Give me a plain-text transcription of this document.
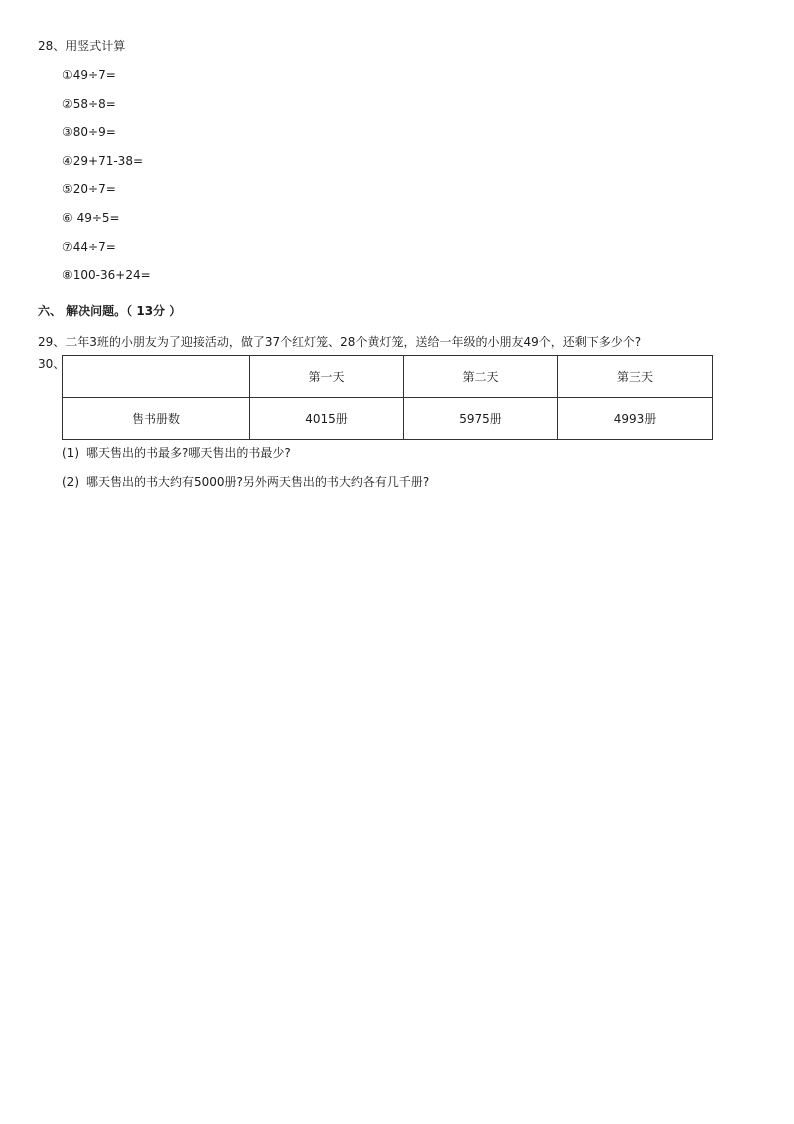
28、用竖式计算
①49÷7=
②58÷8=
③80÷9=
④29+71-38=
⑤20÷7=
⑥ 49÷5=
⑦44÷7=
⑧100-36+24=
六、 解决问题。（ 13分 ）
29、二年3班的小朋友为了迎接活动，做了37个红灯笼、28个黄灯笼，送给一年级的小朋友49个，还剩下多少个?
30、
	第一天	第二天	第三天
售书册数	4015册	5975册	4993册
(1) 哪天售出的书最多?哪天售出的书最少?
(2) 哪天售出的书大约有5000册?另外两天售出的书大约各有几千册?
